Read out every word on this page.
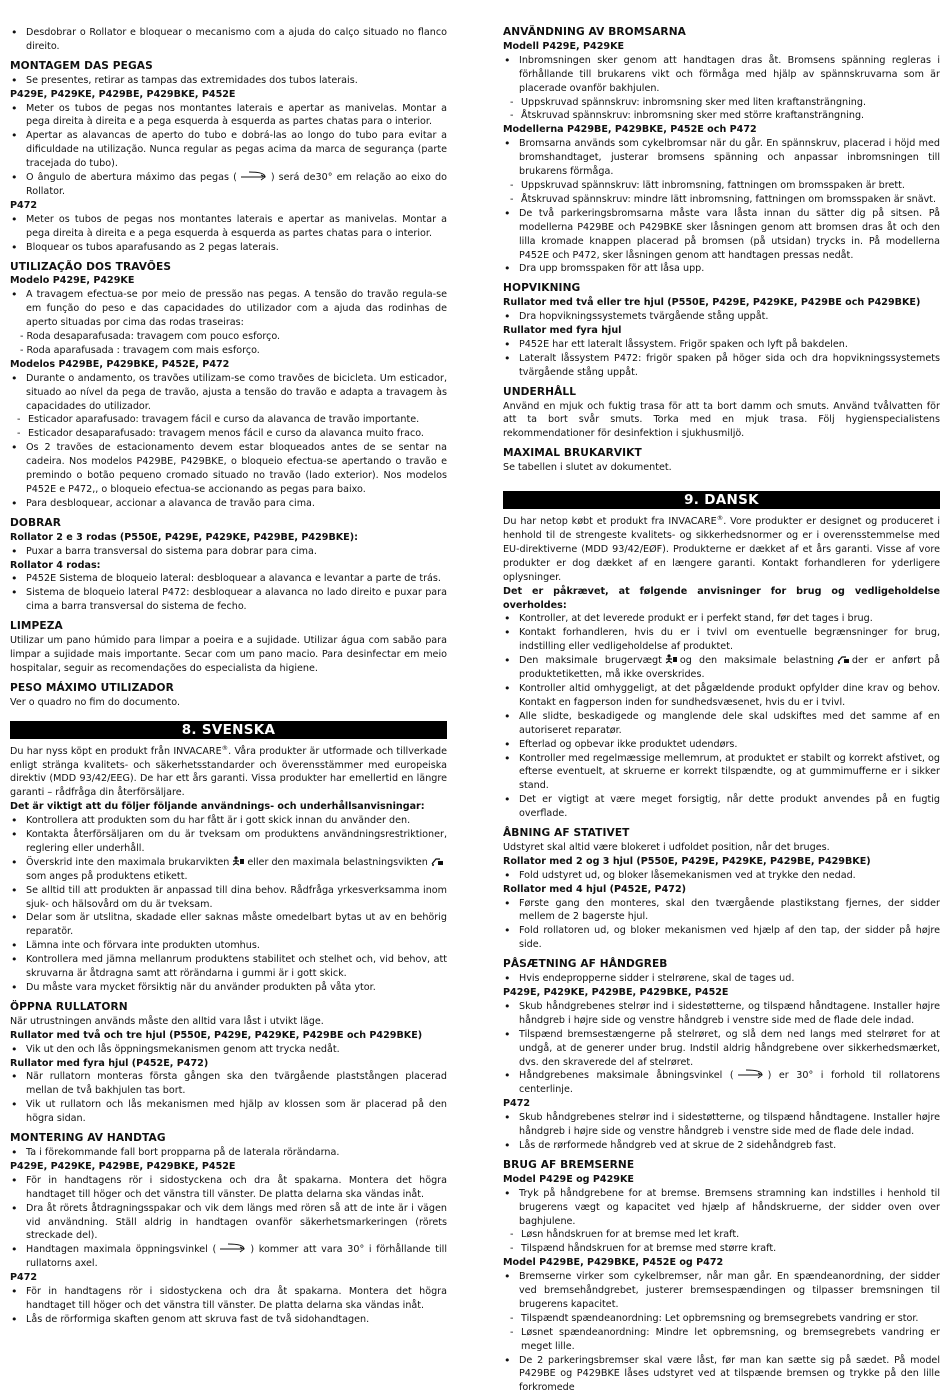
• Desdobrar o Rollator e bloquear o mecanismo com a ajuda do calço situado no flanco direito.

MONTAGEM DAS PEGAS

• Se presentes, retirar as tampas das extremidades dos tubos laterais.

P429E, P429KE, P429BE, P429BKE, P452E

• Meter os tubos de pegas nos montantes laterais e apertar as manivelas. Montar a pega direita à direita e a pega esquerda à esquerda as partes chatas para o interior.

• Apertar as alavancas de aperto do tubo e dobrá-las ao longo do tubo para evitar a dificuldade na utilização. Nunca regular as pegas acima da marca de segurança (parte tracejada do tubo).

• O ângulo de abertura máximo das pegas (	) será de30° em relação ao eixo do Rollator.

P472

• Meter os tubos de pegas nos montantes laterais e apertar as manivelas. Montar a pega direita à direita e a pega esquerda à esquerda as partes chatas para o interior.

• Bloquear os tubos aparafusando as 2 pegas laterais.

UTILIZAÇÃO DOS TRAVÕES

Modelo P429E, P429KE

• A travagem efectua-se por meio de pressão nas pegas. A tensão do travão regula-se em função do peso e das capacidades do utilizador com a ajuda das rodinhas de aperto situadas por cima das rodas traseiras:

- Roda desaparafusada: travagem com pouco esforço.

- Roda aparafusada : travagem com mais esforço.

Modelos P429BE, P429BKE, P452E, P472

• Durante o andamento, os travões utilizam-se como travões de bicicleta. Um esticador, situado ao nível da pega de travão, ajusta a tensão do travão e adapta a travagem às capacidades do utilizador.

- Esticador aparafusado: travagem fácil e curso da alavanca de travão importante.

- Esticador desaparafusado: travagem menos fácil e curso da alavanca muito fraco.

• Os 2 travões de estacionamento devem estar bloqueados antes de se sentar na cadeira. Nos modelos P429BE, P429BKE, o bloqueio efectua-se apertando o travão e premindo o botão pequeno cromado situado no travão (lado exterior). Nos modelos P452E e P472,, o bloqueio efectua-se accionando as pegas para baixo.

• Para desbloquear, accionar a alavanca de travão para cima.

DOBRAR

Rollator 2 e 3 rodas (P550E, P429E, P429KE, P429BE, P429BKE):

• Puxar a barra transversal do sistema para dobrar para cima.

Rollator 4 rodas:

• P452E Sistema de bloqueio lateral: desbloquear a alavanca e levantar a parte de trás.

• Sistema de bloqueio lateral P472: desbloquear a alavanca no lado direito e puxar para cima a barra transversal do sistema de fecho.

LIMPEZA

Utilizar um pano húmido para limpar a poeira e a sujidade. Utilizar água com sabão para limpar a sujidade mais importante. Secar com um pano macio. Para desinfectar em meio hospitalar, seguir as recomendações do especialista da higiene.

PESO MÁXIMO UTILIZADOR

Ver o quadro no fim do documento.

8. SVENSKA

Du har nyss köpt en produkt från INVACARE®. Våra produkter är utformade och tillverkade enligt stränga kvalitets- och säkerhetsstandarder och överensstämmer med europeiska direktiv (MDD 93/42/EEG). De har ett års garanti. Vissa produkter har emellertid en längre garanti – rådfråga din återförsäljare.

Det är viktigt att du följer följande användnings- och underhållsanvisningar:

• Kontrollera att produkten som du har fått är i gott skick innan du använder den.

• Kontakta återförsäljaren om du är tveksam om produktens användningsrestriktioner, reglering eller underhåll.

• Överskrid inte den maximala brukarvikten eller den maximala belastningsvikten

som anges på produktens etikett.

• Se alltid till att produkten är anpassad till dina behov. Rådfråga yrkesverksamma inom sjuk- och hälsovård om du är tveksam.

• Delar som är utslitna, skadade eller saknas måste omedelbart bytas ut av en behörig reparatör.

• Lämna inte och förvara inte produkten utomhus.

• Kontrollera med jämna mellanrum produktens stabilitet och stelhet och, vid behov, att skruvarna är åtdragna samt att rörändarna i gummi är i gott skick.

• Du måste vara mycket försiktig när du använder produkten på våta ytor.

ÖPPNA RULLATORN

När utrustningen används måste den alltid vara låst i utvikt läge.

Rullator med två och tre hjul (P550E, P429E, P429KE, P429BE och P429BKE)

• Vik ut den och lås öppningsmekanismen genom att trycka nedåt.

Rullator med fyra hjul (P452E, P472)

• När rullatorn monteras första gången ska den tvärgående plaststången placerad mellan de två bakhjulen tas bort.

• Vik ut rullatorn och lås mekanismen med hjälp av klossen som är placerad på den högra sidan.

MONTERING AV HANDTAG

• Ta i förekommande fall bort propparna på de laterala rörändarna.

P429E, P429KE, P429BE, P429BKE, P452E

• För in handtagens rör i sidostyckena och dra åt spakarna. Montera det högra handtaget till höger och det vänstra till vänster. De platta delarna ska vändas inåt.

• Dra åt rörets åtdragningsspakar och vik dem längs med rören så att de inte är i vägen vid användning. Ställ aldrig in handtagen ovanför säkerhetsmarkeringen (rörets streckade del).

• Handtagen maximala öppningsvinkel (	) kommer att vara 30° i förhållande till rullatorns axel.

P472

• För in handtagens rör i sidostyckena och dra åt spakarna. Montera det högra handtaget till höger och det vänstra till vänster. De platta delarna ska vändas inåt.

• Lås de rörformiga skaften genom att skruva fast de två sidohandtagen.

ANVÄNDNING AV BROMSARNA

Modell P429E, P429KE

• Inbromsningen sker genom att handtagen dras åt. Bromsens spänning regleras i förhållande till brukarens vikt och förmåga med hjälp av spännskruvarna som är placerade ovanför bakhjulen.

- Uppskruvad spännskruv: inbromsning sker med liten kraftansträngning.

- Åtskruvad spännskruv: inbromsning sker med större kraftansträngning.

Modellerna P429BE, P429BKE, P452E och P472

• Bromsarna används som cykelbromsar när du går. En spännskruv, placerad i höjd med bromshandtaget, justerar bromsens spänning och anpassar inbromsningen till brukarens förmåga.

- Uppskruvad spännskruv: lätt inbromsning, fattningen om bromsspaken är brett.

- Åtskruvad spännskruv: mindre lätt inbromsning, fattningen om bromsspaken är snävt.

• De två parkeringsbromsarna måste vara låsta innan du sätter dig på sitsen. På modellerna P429BE och P429BKE sker låsningen genom att bromsen dras åt och den lilla kromade knappen placerad på bromsen (på utsidan) trycks in. På modellerna P452E och P472, sker låsningen genom att handtagen pressas nedåt.

• Dra upp bromsspaken för att låsa upp.

HOPVIKNING

Rullator med två eller tre hjul (P550E, P429E, P429KE, P429BE och P429BKE)

• Dra hopvikningssystemets tvärgående stång uppåt.

Rullator med fyra hjul

• P452E har ett lateralt låssystem. Frigör spaken och lyft på bakdelen.

• Lateralt låssystem P472: frigör spaken på höger sida och dra hopvikningssystemets tvärgående stång uppåt.

UNDERHÅLL

Använd en mjuk och fuktig trasa för att ta bort damm och smuts. Använd tvålvatten för att ta bort svår smuts. Torka med en mjuk trasa. Följ hygienspecialistens rekommendationer för desinfektion i sjukhusmiljö.

MAXIMAL BRUKARVIKT

Se tabellen i slutet av dokumentet.

9. DANSK

Du har netop købt et produkt fra INVACARE®. Vore produkter er designet og produceret i henhold til de strengeste kvalitets- og sikkerhedsnormer og er i overensstemmelse med EU-direktiverne (MDD 93/42/EØF). Produkterne er dækket af et års garanti. Visse af vore produkter er dog dækket af en længere garanti. Kontakt forhandleren for yderligere oplysninger.

Det er påkrævet, at følgende anvisninger for brug og vedligeholdelse overholdes:

• Kontroller, at det leverede produkt er i perfekt stand, før det tages i brug.

• Kontakt forhandleren, hvis du er i tvivl om eventuelle begrænsninger for brug, indstilling eller vedligeholdelse af produktet.

• Den maksimale brugervægt og den maksimale belastning der er anført på produktetiketten, må ikke overskrides.

• Kontroller altid omhyggeligt, at det pågældende produkt opfylder dine krav og behov. Kontakt en fagperson inden for sundhedsvæsenet, hvis du er i tvivl.

• Alle slidte, beskadigede og manglende dele skal udskiftes med det samme af en autoriseret reparatør.

• Efterlad og opbevar ikke produktet udendørs.

• Kontroller med regelmæssige mellemrum, at produktet er stabilt og korrekt afstivet, og efterse eventuelt, at skruerne er korrekt tilspændte, og at gummimufferne er i sikker stand.

• Det er vigtigt at være meget forsigtig, når dette produkt anvendes på en fugtig overflade.

ÅBNING AF STATIVET

Udstyret skal altid være blokeret i udfoldet position, når det bruges.

Rollator med 2 og 3 hjul (P550E, P429E, P429KE, P429BE, P429BKE)

• Fold udstyret ud, og bloker låsemekanismen ved at trykke den nedad.

Rollator med 4 hjul (P452E, P472)

• Første gang den monteres, skal den tværgående plastikstang fjernes, der sidder mellem de 2 bagerste hjul.

• Fold rollatoren ud, og bloker mekanismen ved hjælp af den tap, der sidder på højre side.

PÅSÆTNING AF HÅNDGREB

• Hvis endepropperne sidder i stelrørene, skal de tages ud.

P429E, P429KE, P429BE, P429BKE, P452E

• Skub håndgrebenes stelrør ind i sidestøtterne, og tilspænd håndtagene. Installer højre håndgreb i højre side og venstre håndgreb i venstre side med de flade dele indad.

• Tilspænd bremsestængerne på stelrøret, og slå dem ned langs med stelrøret for at undgå, at de generer under brug. Indstil aldrig håndgrebene over sikkerhedsmærket, dvs. den skraverede del af stelrøret.

• Håndgrebenes maksimale åbningsvinkel (	) er 30° i forhold til rollatorens centerlinje.

P472

• Skub håndgrebenes stelrør ind i sidestøtterne, og tilspænd håndtagene. Installer højre håndgreb i højre side og venstre håndgreb i venstre side med de flade dele indad.

• Lås de rørformede håndgreb ved at skrue de 2 sidehåndgreb fast.

BRUG AF BREMSERNE

Model P429E og P429KE

• Tryk på håndgrebene for at bremse. Bremsens stramning kan indstilles i henhold til brugerens vægt og kapacitet ved hjælp af håndskruerne, der sidder oven over baghjulene.

- Løsn håndskruen for at bremse med let kraft.

- Tilspænd håndskruen for at bremse med større kraft.

Model P429BE, P429BKE, P452E og P472

• Bremserne virker som cykelbremser, når man går. En spændeanordning, der sidder ved bremsehåndgrebet, justerer bremsespændingen og tilpasser bremsningen til brugerens kapacitet.

- Tilspændt spændeanordning: Let opbremsning og bremsegrebets vandring er stor.

- Løsnet spændeanordning: Mindre let opbremsning, og bremsegrebets vandring er meget lille.

• De 2 parkeringsbremser skal være låst, før man kan sætte sig på sædet. På model P429BE og P429BKE låses udstyret ved at tilspænde bremsen og trykke på den lille forkromede
